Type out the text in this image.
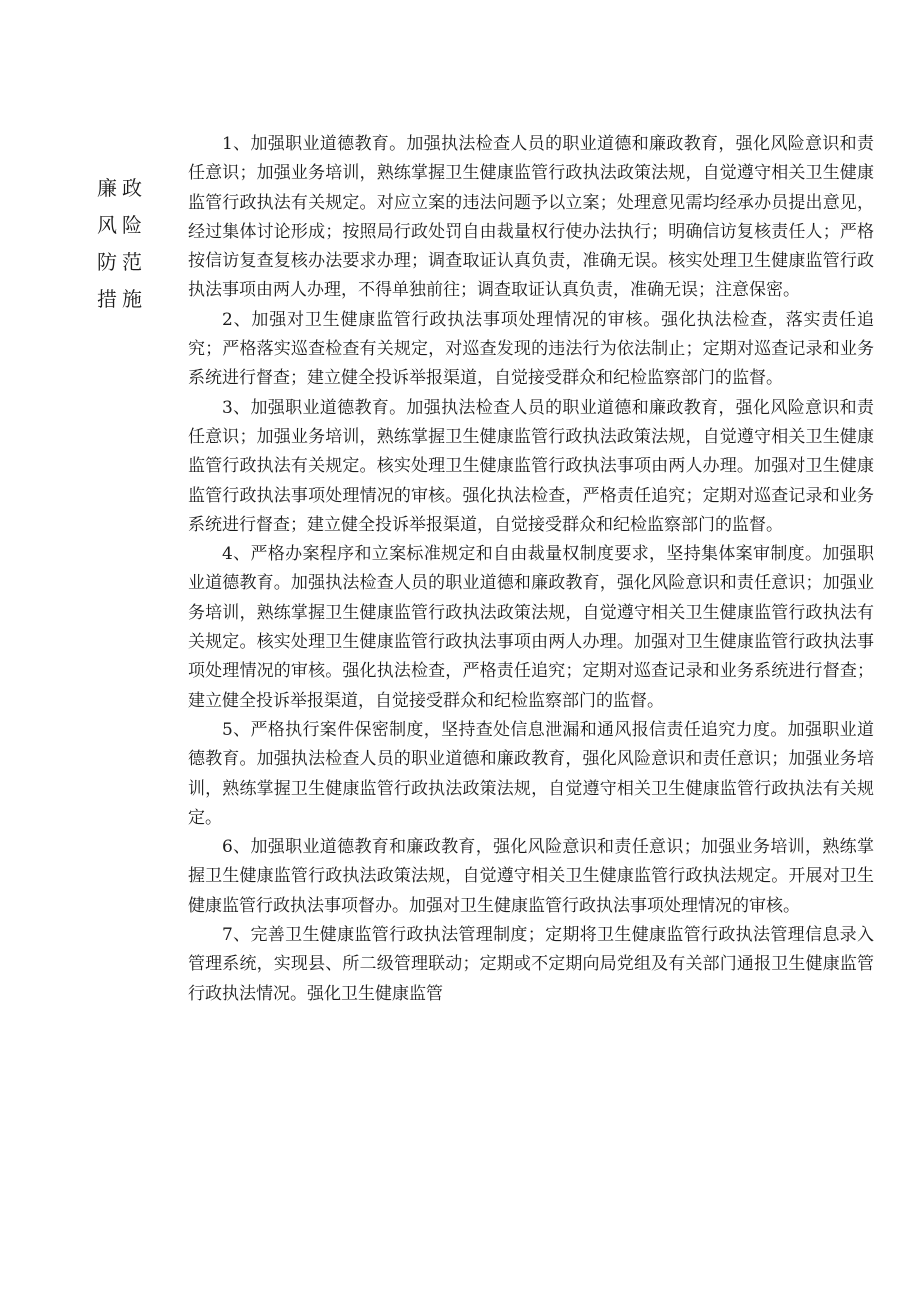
廉政风险防范措施

1、加强职业道德教育。加强执法检查人员的职业道德和廉政教育，强化风险意识和责任意识；加强业务培训，熟练掌握卫生健康监管行政执法政策法规，自觉遵守相关卫生健康监管行政执法有关规定。对应立案的违法问题予以立案；处理意见需均经承办员提出意见，经过集体讨论形成；按照局行政处罚自由裁量权行使办法执行；明确信访复核责任人；严格按信访复查复核办法要求办理；调查取证认真负责，准确无误。核实处理卫生健康监管行政执法事项由两人办理，不得单独前往；调查取证认真负责，准确无误；注意保密。

2、加强对卫生健康监管行政执法事项处理情况的审核。强化执法检查，落实责任追究；严格落实巡查检查有关规定，对巡查发现的违法行为依法制止；定期对巡查记录和业务系统进行督查；建立健全投诉举报渠道，自觉接受群众和纪检监察部门的监督。

3、加强职业道德教育。加强执法检查人员的职业道德和廉政教育，强化风险意识和责任意识；加强业务培训，熟练掌握卫生健康监管行政执法政策法规，自觉遵守相关卫生健康监管行政执法有关规定。核实处理卫生健康监管行政执法事项由两人办理。加强对卫生健康监管行政执法事项处理情况的审核。强化执法检查，严格责任追究；定期对巡查记录和业务系统进行督查；建立健全投诉举报渠道，自觉接受群众和纪检监察部门的监督。

4、严格办案程序和立案标准规定和自由裁量权制度要求，坚持集体案审制度。加强职业道德教育。加强执法检查人员的职业道德和廉政教育，强化风险意识和责任意识；加强业务培训，熟练掌握卫生健康监管行政执法政策法规，自觉遵守相关卫生健康监管行政执法有关规定。核实处理卫生健康监管行政执法事项由两人办理。加强对卫生健康监管行政执法事项处理情况的审核。强化执法检查，严格责任追究；定期对巡查记录和业务系统进行督查；建立健全投诉举报渠道，自觉接受群众和纪检监察部门的监督。

5、严格执行案件保密制度，坚持查处信息泄漏和通风报信责任追究力度。加强职业道德教育。加强执法检查人员的职业道德和廉政教育，强化风险意识和责任意识；加强业务培训，熟练掌握卫生健康监管行政执法政策法规，自觉遵守相关卫生健康监管行政执法有关规定。

6、加强职业道德教育和廉政教育，强化风险意识和责任意识；加强业务培训，熟练掌握卫生健康监管行政执法政策法规，自觉遵守相关卫生健康监管行政执法规定。开展对卫生健康监管行政执法事项督办。加强对卫生健康监管行政执法事项处理情况的审核。

7、完善卫生健康监管行政执法管理制度；定期将卫生健康监管行政执法管理信息录入管理系统，实现县、所二级管理联动；定期或不定期向局党组及有关部门通报卫生健康监管行政执法情况。强化卫生健康监管
